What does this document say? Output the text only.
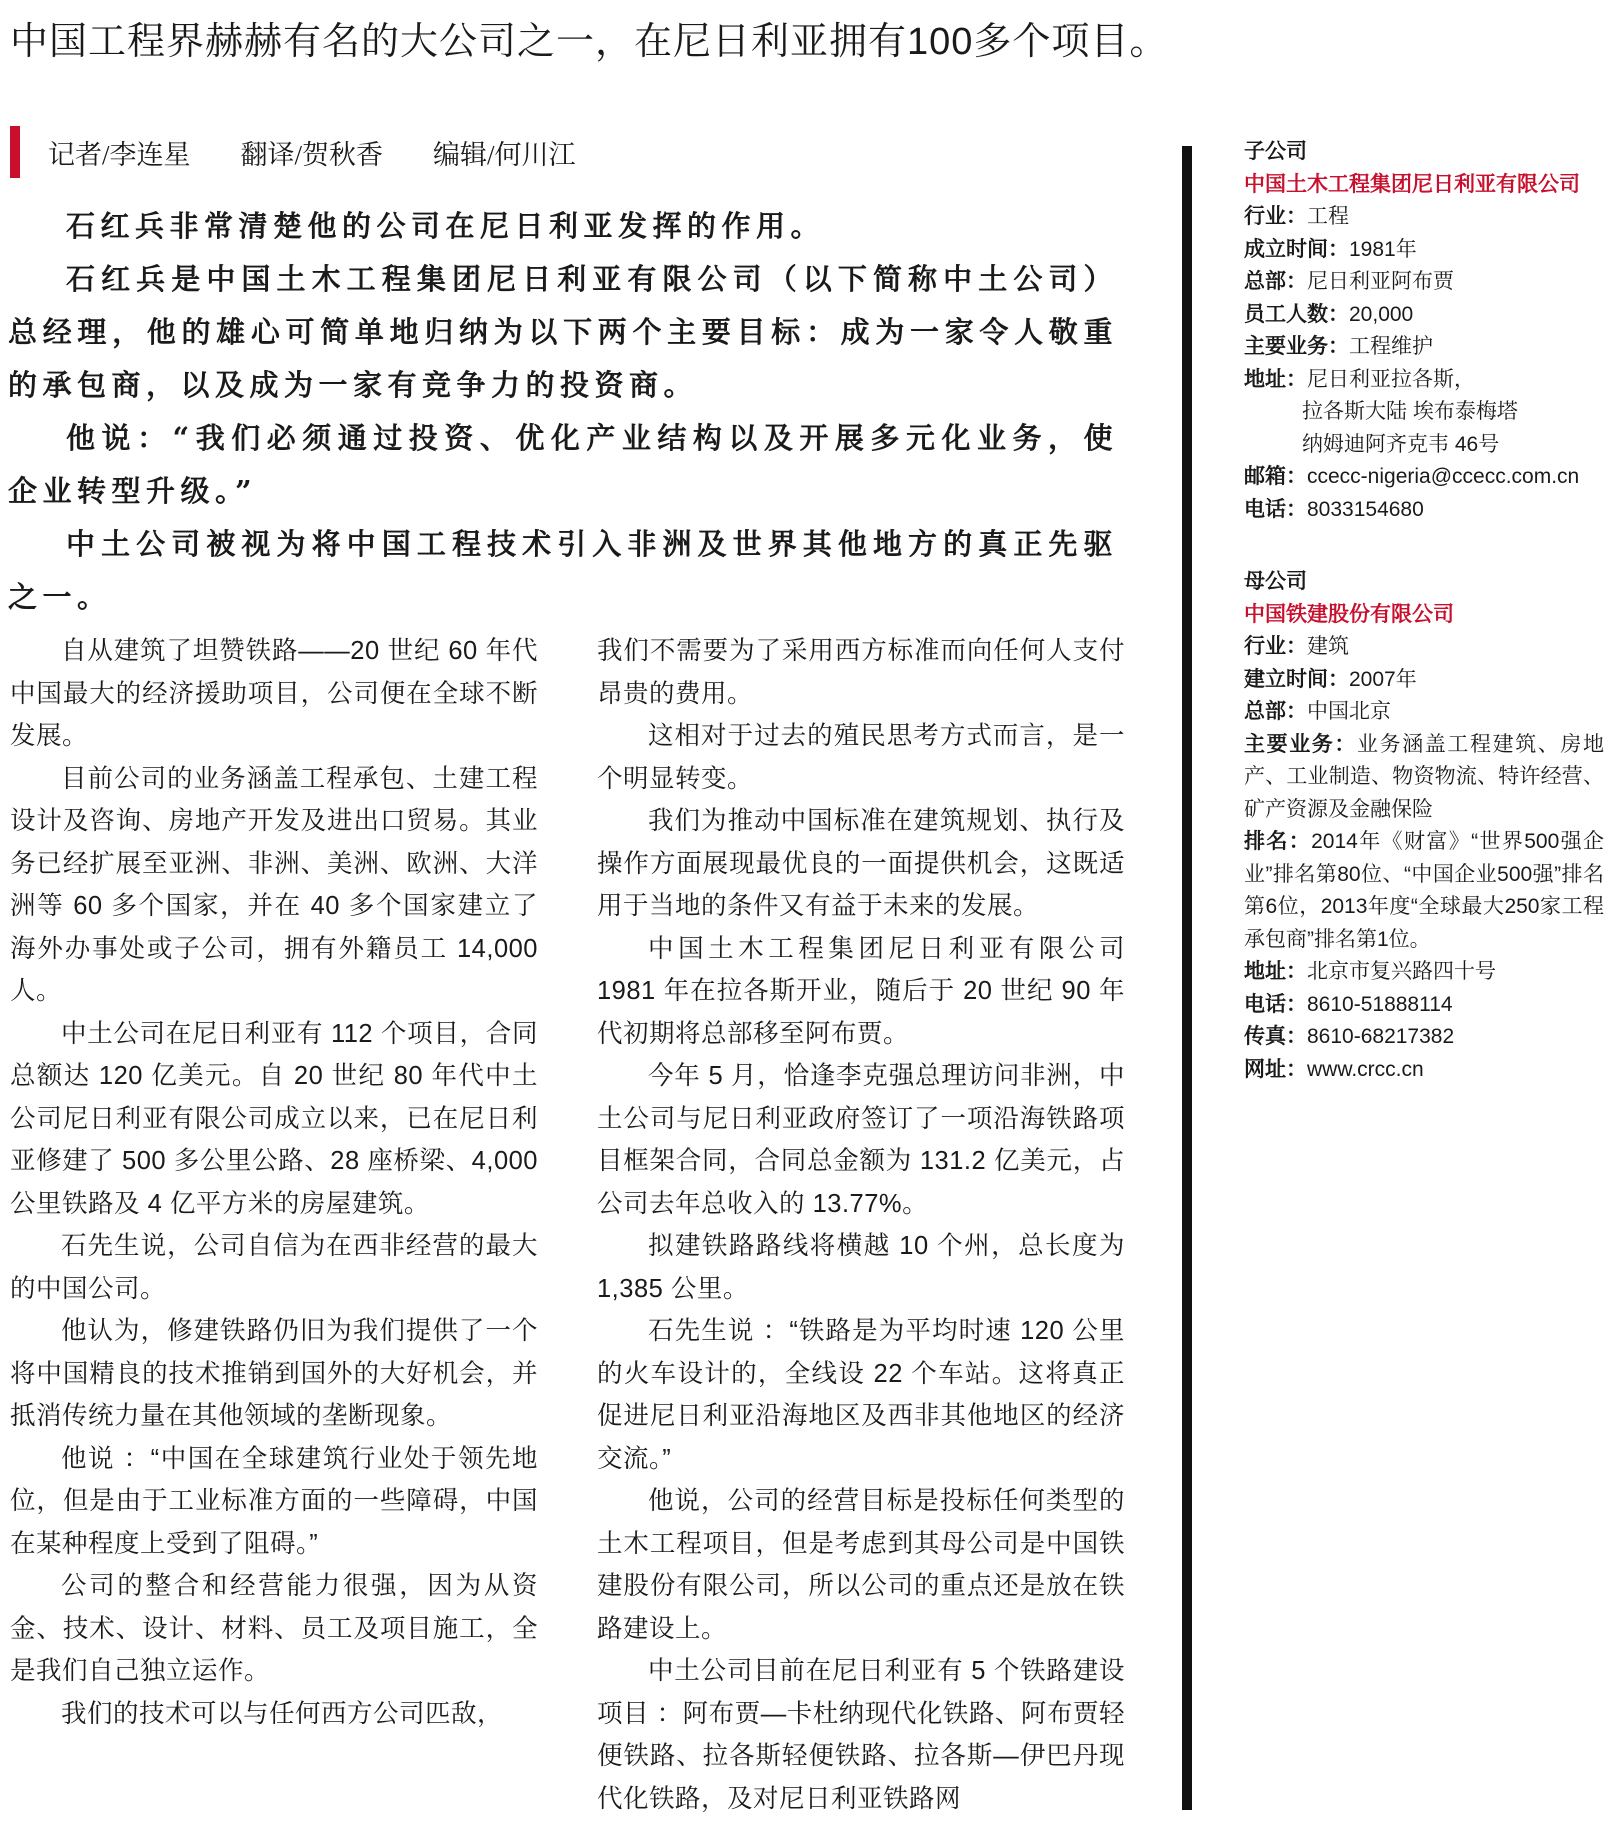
中国工程界赫赫有名的大公司之一，在尼日利亚拥有100多个项目。
记者/李连星 翻译/贺秋香 编辑/何川江

石红兵非常清楚他的公司在尼日利亚发挥的作用。

石红兵是中国土木工程集团尼日利亚有限公司（以下简称中土公司）总经理，他的雄心可简单地归纳为以下两个主要目标：成为一家令人敬重的承包商，以及成为一家有竞争力的投资商。

他说：“我们必须通过投资、优化产业结构以及开展多元化业务，使企业转型升级。”

中土公司被视为将中国工程技术引入非洲及世界其他地方的真正先驱之一。

自从建筑了坦赞铁路——20 世纪 60 年代中国最大的经济援助项目，公司便在全球不断发展。

目前公司的业务涵盖工程承包、土建工程设计及咨询、房地产开发及进出口贸易。其业务已经扩展至亚洲、非洲、美洲、欧洲、大洋洲等 60 多个国家，并在 40 多个国家建立了海外办事处或子公司，拥有外籍员工 14,000 人。

中土公司在尼日利亚有 112 个项目，合同总额达 120 亿美元。自 20 世纪 80 年代中土公司尼日利亚有限公司成立以来，已在尼日利亚修建了 500 多公里公路、28 座桥梁、4,000 公里铁路及 4 亿平方米的房屋建筑。

石先生说，公司自信为在西非经营的最大的中国公司。

他认为，修建铁路仍旧为我们提供了一个将中国精良的技术推销到国外的大好机会，并抵消传统力量在其他领域的垄断现象。

他说 ：“中国在全球建筑行业处于领先地位，但是由于工业标准方面的一些障碍，中国在某种程度上受到了阻碍。”

公司的整合和经营能力很强，因为从资金、技术、设计、材料、员工及项目施工，全是我们自己独立运作。

我们的技术可以与任何西方公司匹敌，

我们不需要为了采用西方标准而向任何人支付昂贵的费用。

这相对于过去的殖民思考方式而言，是一个明显转变。

我们为推动中国标准在建筑规划、执行及操作方面展现最优良的一面提供机会，这既适用于当地的条件又有益于未来的发展。

中国土木工程集团尼日利亚有限公司 1981 年在拉各斯开业，随后于 20 世纪 90 年代初期将总部移至阿布贾。

今年 5 月，恰逢李克强总理访问非洲，中土公司与尼日利亚政府签订了一项沿海铁路项目框架合同，合同总金额为 131.2 亿美元，占公司去年总收入的 13.77%。

拟建铁路路线将横越 10 个州，总长度为 1,385 公里。

石先生说 ：“铁路是为平均时速 120 公里的火车设计的，全线设 22 个车站。这将真正促进尼日利亚沿海地区及西非其他地区的经济交流。”

他说，公司的经营目标是投标任何类型的土木工程项目，但是考虑到其母公司是中国铁建股份有限公司，所以公司的重点还是放在铁路建设上。

中土公司目前在尼日利亚有 5 个铁路建设项目 ：阿布贾—卡杜纳现代化铁路、阿布贾轻便铁路、拉各斯轻便铁路、拉各斯—伊巴丹现代化铁路，及对尼日利亚铁路网

子公司

中国土木工程集团尼日利亚有限公司

行业： 工程

成立时间： 1981年

总部： 尼日利亚阿布贾

员工人数： 20,000

主要业务： 工程维护

地址： 尼日利亚拉各斯，

拉各斯大陆 埃布泰梅塔

纳姆迪阿齐克韦 46号

邮箱： ccecc-nigeria@ccecc.com.cn

电话： 8033154680

母公司

中国铁建股份有限公司

行业： 建筑

建立时间： 2007年

总部： 中国北京

主要业务：业务涵盖工程建筑、房地产、工业制造、物资物流、特许经营、矿产资源及金融保险

排名：2014年《财富》“世界500强企业”排名第80位、“中国企业500强”排名第6位，2013年度“全球最大250家工程承包商”排名第1位。

地址： 北京市复兴路四十号

电话： 8610-51888114

传真： 8610-68217382

网址： www.crcc.cn
